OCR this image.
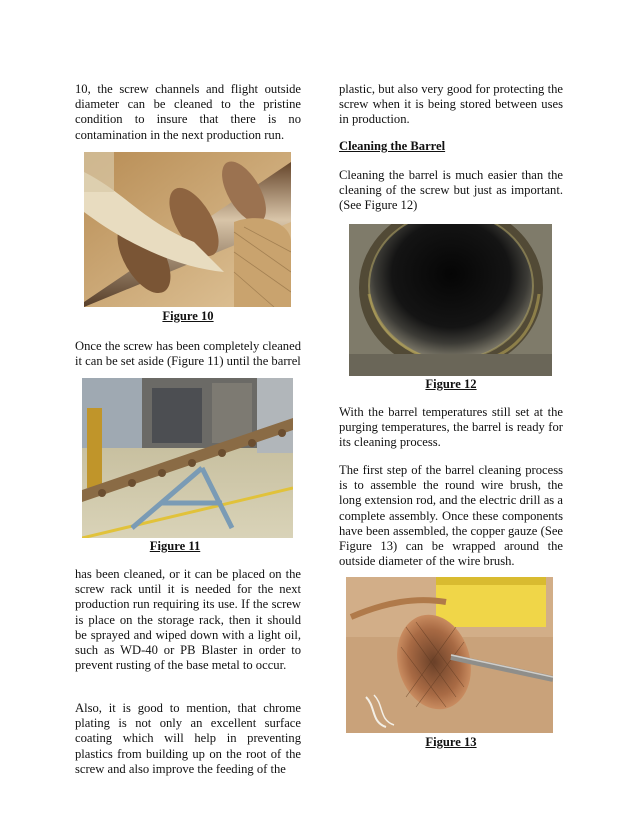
10, the screw channels and flight outside diameter can be cleaned to the pristine condition to insure that there is no contamination in the next production run.

Figure 10

Once the screw has been completely cleaned it can be set aside (Figure 11) until the barrel

Figure 11

has been cleaned, or it can be placed on the screw rack until it is needed for the next production run requiring its use. If the screw is place on the storage rack, then it should be sprayed and wiped down with a light oil, such as WD-40 or PB Blaster in order to prevent rusting of the base metal to occur.

Also, it is good to mention, that chrome plating is not only an excellent surface coating which will help in preventing plastics from building up on the root of the screw and also improve the feeding of the

plastic, but also very good for protecting the screw when it is being stored between uses in production.

Cleaning the Barrel

Cleaning the barrel is much easier than the cleaning of the screw but just as important. (See Figure 12)

Figure 12

With the barrel temperatures still set at the purging temperatures, the barrel is ready for its cleaning process.

The first step of the barrel cleaning process is to assemble the round wire brush, the long extension rod, and the electric drill as a complete assembly. Once these components have been assembled, the copper gauze (See Figure 13) can be wrapped around the outside diameter of the wire brush.

Figure 13
